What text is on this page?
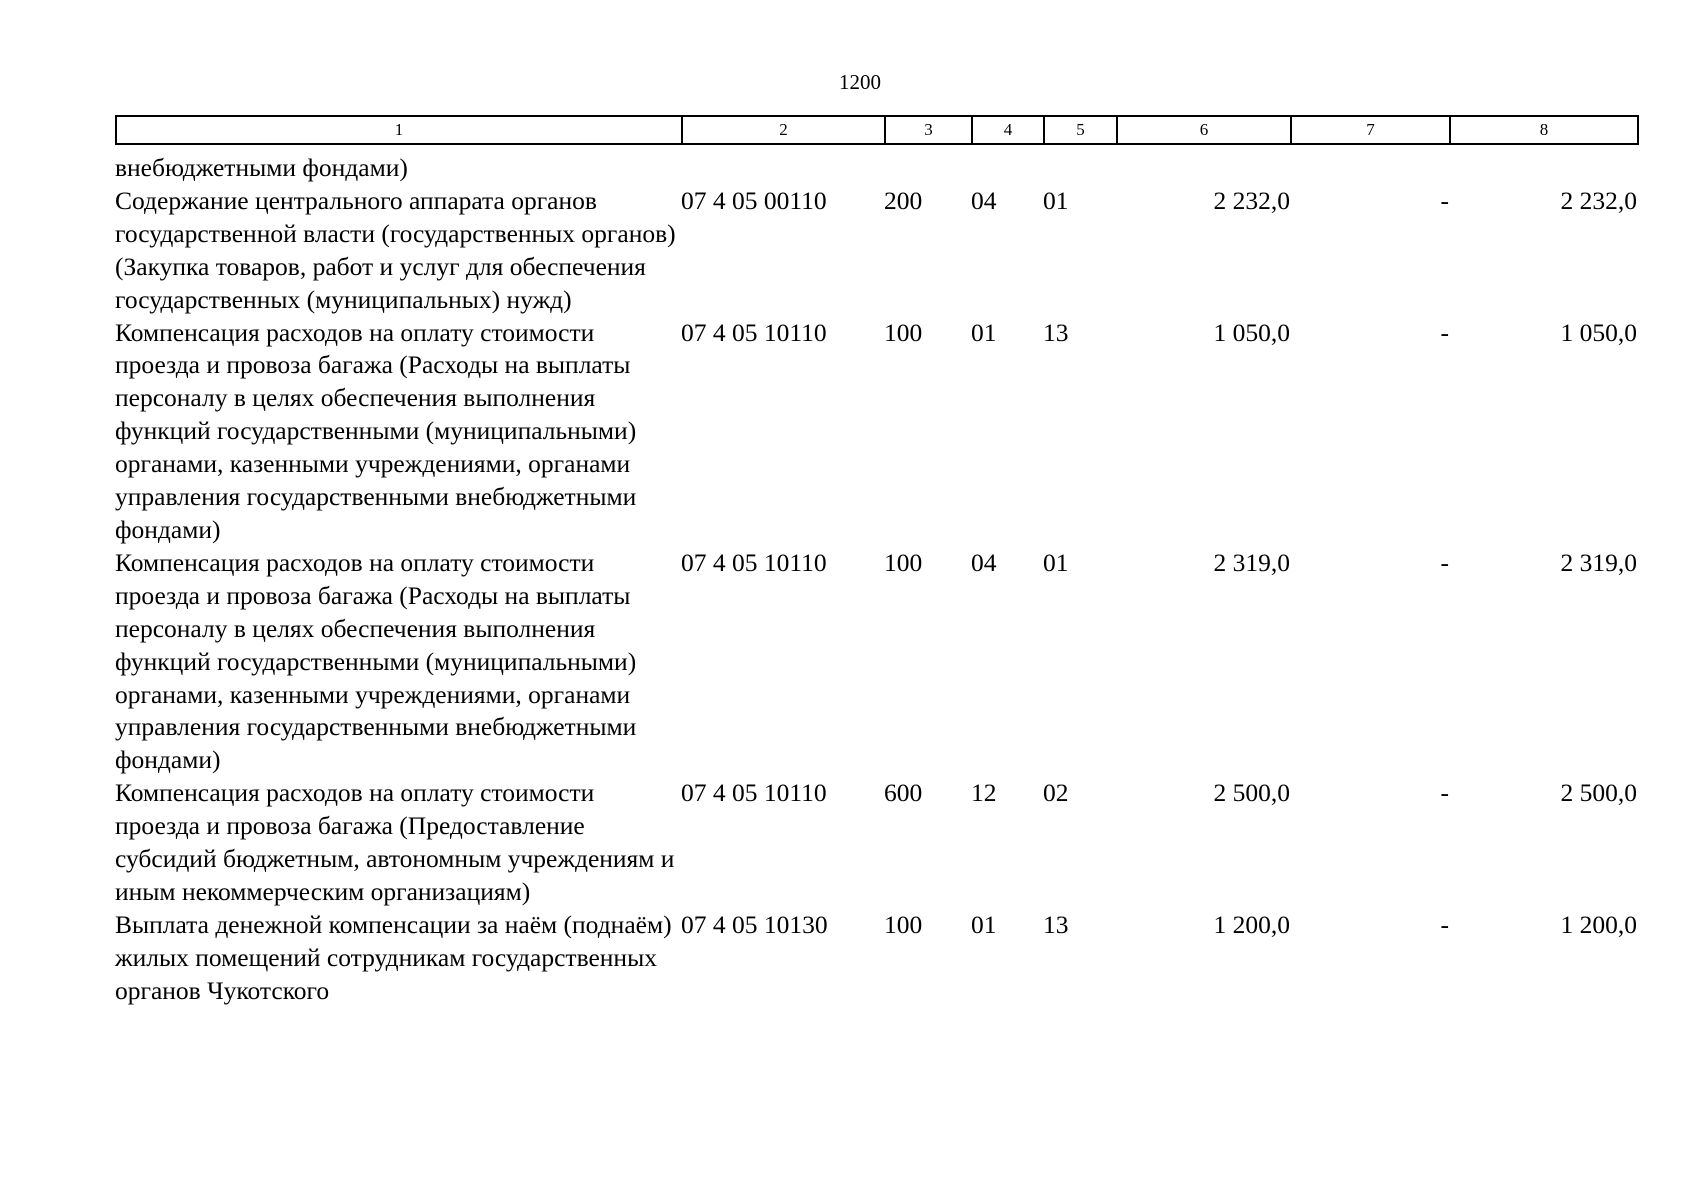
1200
1	2	3	4	5	6	7	8
внебюджетными фондами)							
Содержание центрального аппарата органов государственной власти (государственных органов) (Закупка товаров, работ и услуг для обеспечения государственных (муниципальных) нужд)	07 4 05 00110	200	04	01	2 232,0	-	2 232,0
Компенсация расходов на оплату стоимости проезда и провоза багажа (Расходы на выплаты персоналу в целях обеспечения выполнения функций государственными (муниципальными) органами, казенными учреждениями, органами управления государственными внебюджетными фондами)	07 4 05 10110	100	01	13	1 050,0	-	1 050,0
Компенсация расходов на оплату стоимости проезда и провоза багажа (Расходы на выплаты персоналу в целях обеспечения выполнения функций государственными (муниципальными) органами, казенными учреждениями, органами управления государственными внебюджетными фондами)	07 4 05 10110	100	04	01	2 319,0	-	2 319,0
Компенсация расходов на оплату стоимости проезда и провоза багажа (Предоставление субсидий бюджетным, автономным учреждениям и иным некоммерческим организациям)	07 4 05 10110	600	12	02	2 500,0	-	2 500,0
Выплата денежной компенсации за наём (поднаём) жилых помещений сотрудникам государственных органов Чукотского	07 4 05 10130	100	01	13	1 200,0	-	1 200,0
